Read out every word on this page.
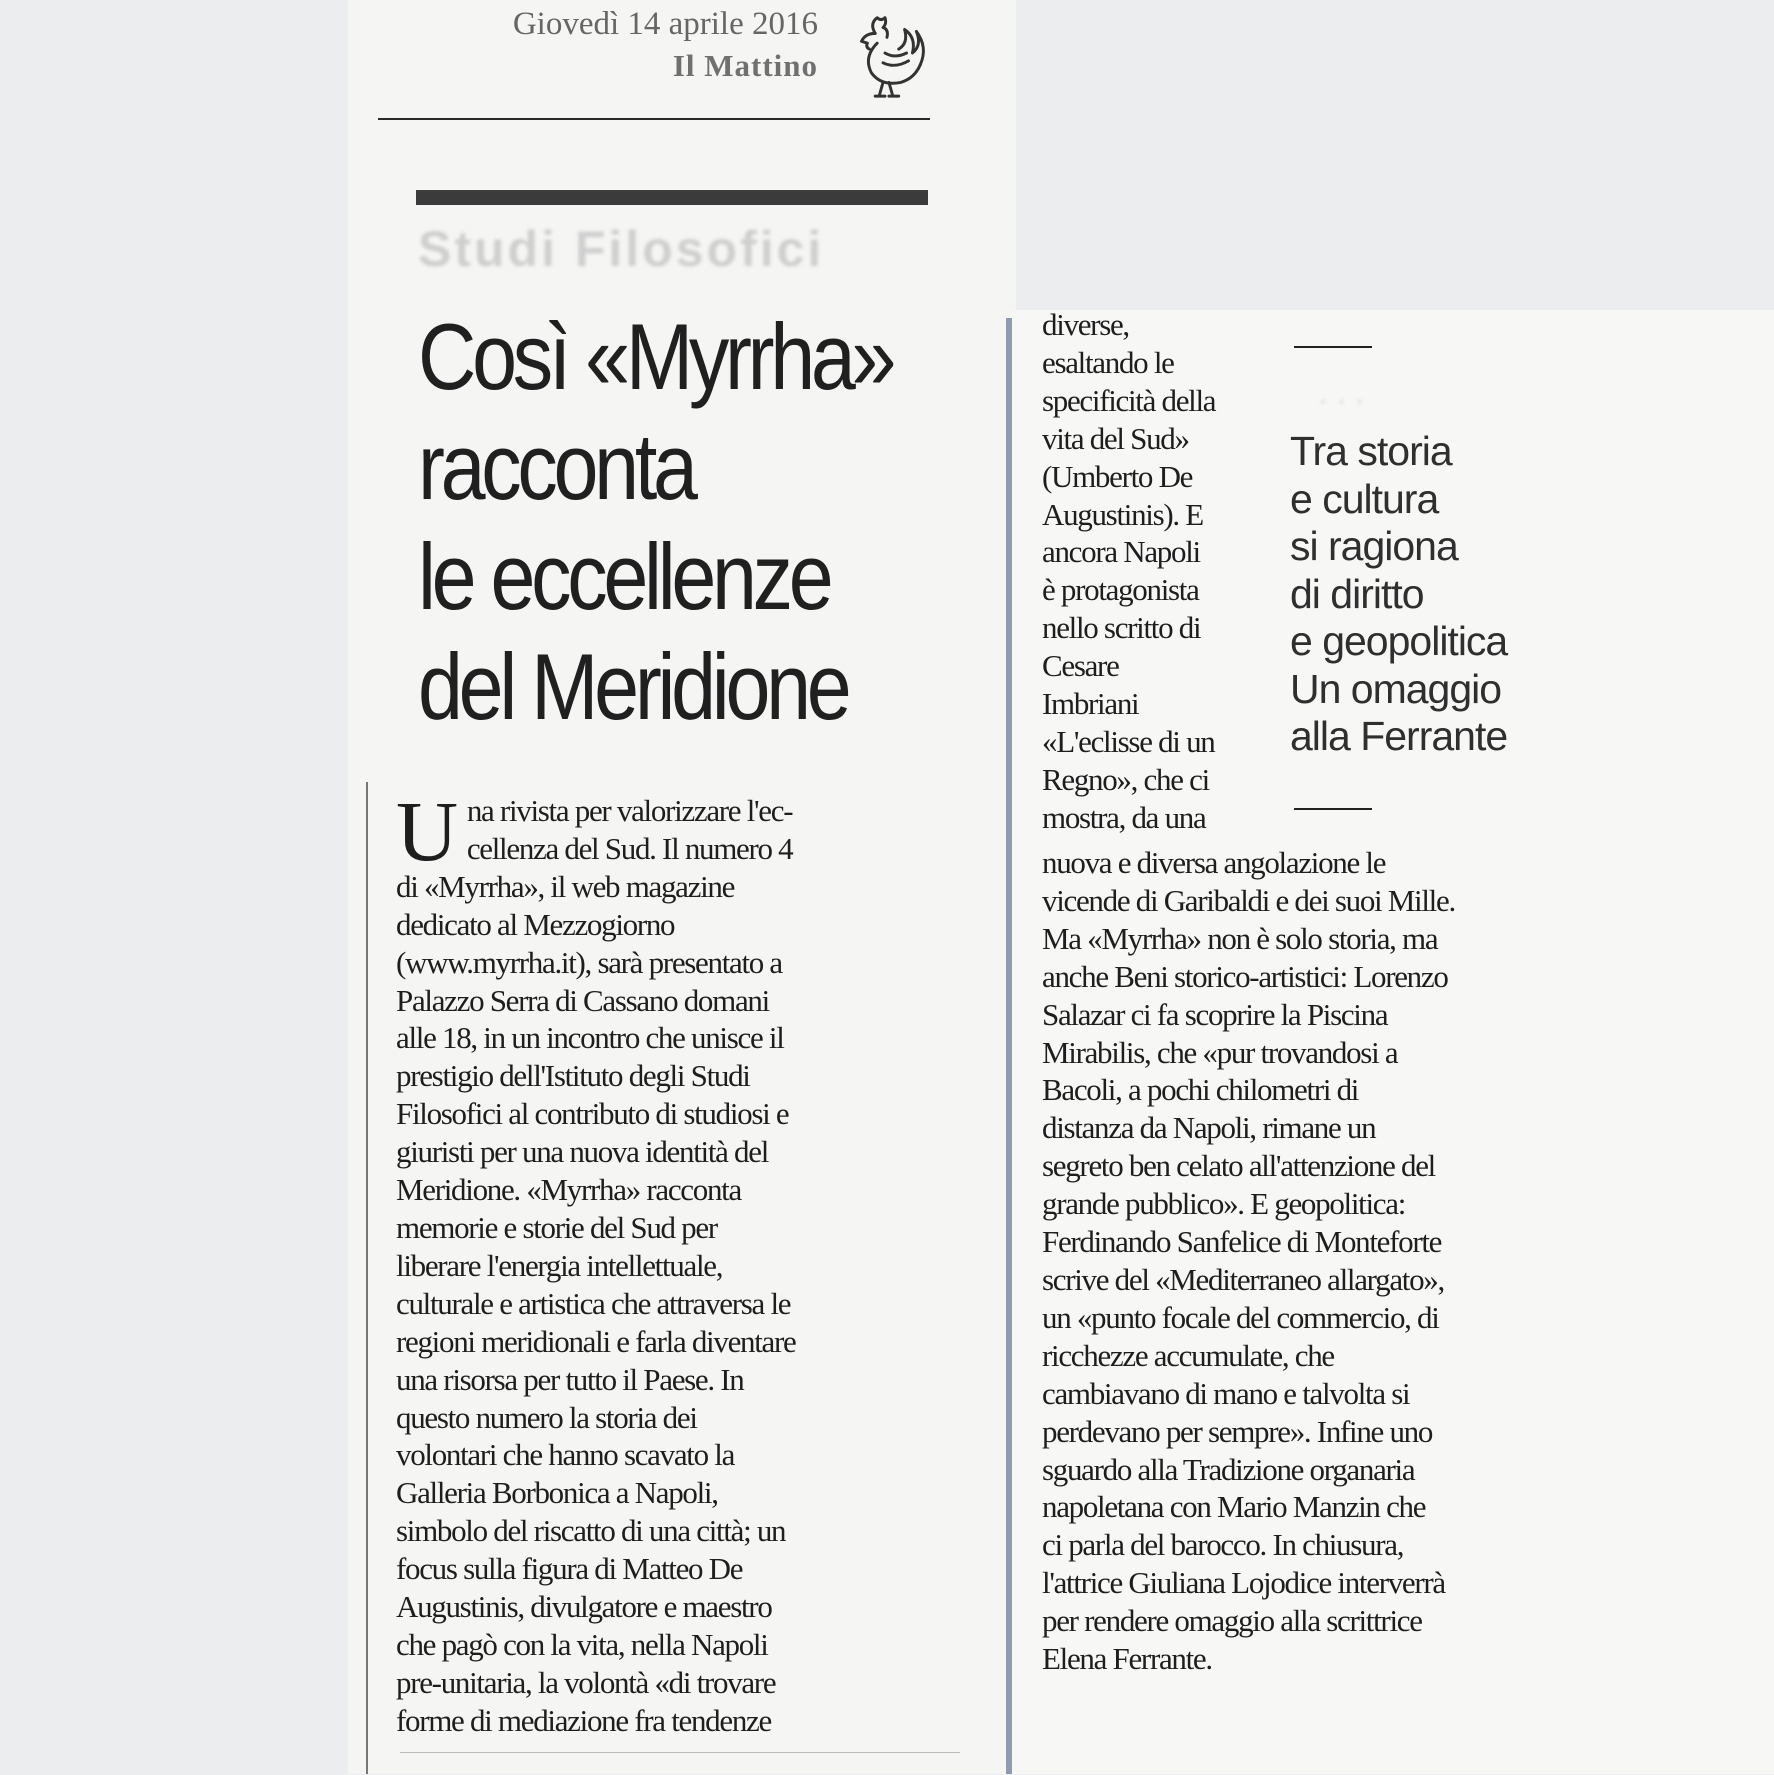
Giovedì 14 aprile 2016
Il Mattino
Studi Filosofici
Così «Myrrha»
racconta
le eccellenze
del Meridione
U na rivista per valorizzare l'ec-
cellenza del Sud. Il numero 4
di «Myrrha», il web magazine
dedicato al Mezzogiorno
(www.myrrha.it), sarà presentato a
Palazzo Serra di Cassano domani
alle 18, in un incontro che unisce il
prestigio dell'Istituto degli Studi
Filosofici al contributo di studiosi e
giuristi per una nuova identità del
Meridione. «Myrrha» racconta
memorie e storie del Sud per
liberare l'energia intellettuale,
culturale e artistica che attraversa le
regioni meridionali e farla diventare
una risorsa per tutto il Paese. In
questo numero la storia dei
volontari che hanno scavato la
Galleria Borbonica a Napoli,
simbolo del riscatto di una città; un
focus sulla figura di Matteo De
Augustinis, divulgatore e maestro
che pagò con la vita, nella Napoli
pre-unitaria, la volontà «di trovare
forme di mediazione fra tendenze
diverse,
esaltando le
specificità della
vita del Sud»
(Umberto De
Augustinis). E
ancora Napoli
è protagonista
nello scritto di
Cesare
Imbriani
«L'eclisse di un
Regno», che ci
mostra, da una
· · ·
Tra storia
e cultura
si ragiona
di diritto
e geopolitica
Un omaggio
alla Ferrante
nuova e diversa angolazione le
vicende di Garibaldi e dei suoi Mille.
Ma «Myrrha» non è solo storia, ma
anche Beni storico-artistici: Lorenzo
Salazar ci fa scoprire la Piscina
Mirabilis, che «pur trovandosi a
Bacoli, a pochi chilometri di
distanza da Napoli, rimane un
segreto ben celato all'attenzione del
grande pubblico». E geopolitica:
Ferdinando Sanfelice di Monteforte
scrive del «Mediterraneo allargato»,
un «punto focale del commercio, di
ricchezze accumulate, che
cambiavano di mano e talvolta si
perdevano per sempre». Infine uno
sguardo alla Tradizione organaria
napoletana con Mario Manzin che
ci parla del barocco. In chiusura,
l'attrice Giuliana Lojodice interverrà
per rendere omaggio alla scrittrice
Elena Ferrante.
